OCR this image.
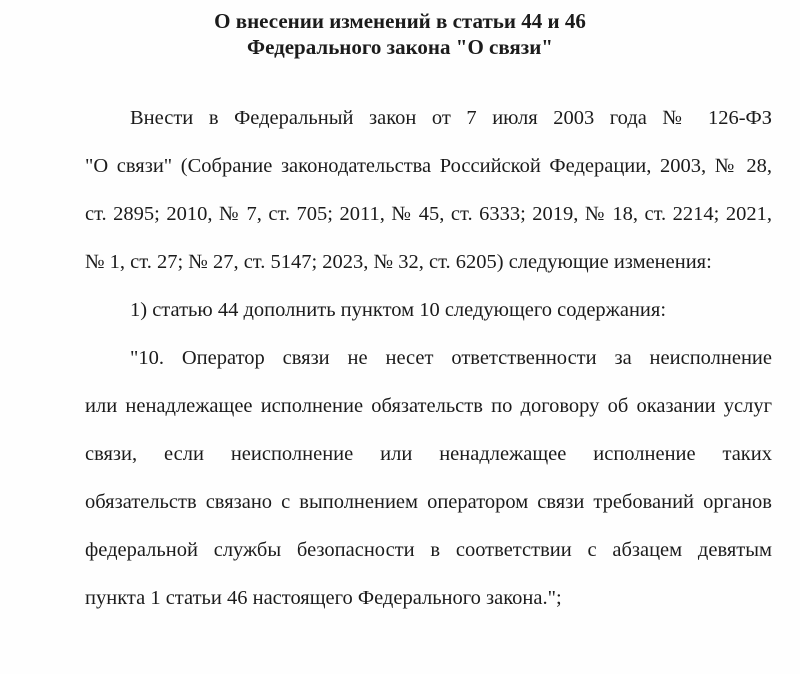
О внесении изменений в статьи 44 и 46
Федерального закона "О связи"
Внести в Федеральный закон от 7 июля 2003 года № 126-ФЗ
"О связи" (Собрание законодательства Российской Федерации, 2003, № 28,
ст. 2895; 2010, № 7, ст. 705; 2011, № 45, ст. 6333; 2019, № 18, ст. 2214; 2021,
№ 1, ст. 27; № 27, ст. 5147; 2023, № 32, ст. 6205) следующие изменения:
1) статью 44 дополнить пунктом 10 следующего содержания:
"10. Оператор связи не несет ответственности за неисполнение
или ненадлежащее исполнение обязательств по договору об оказании услуг
связи, если неисполнение или ненадлежащее исполнение таких
обязательств связано с выполнением оператором связи требований органов
федеральной службы безопасности в соответствии с абзацем девятым
пункта 1 статьи 46 настоящего Федерального закона.";
